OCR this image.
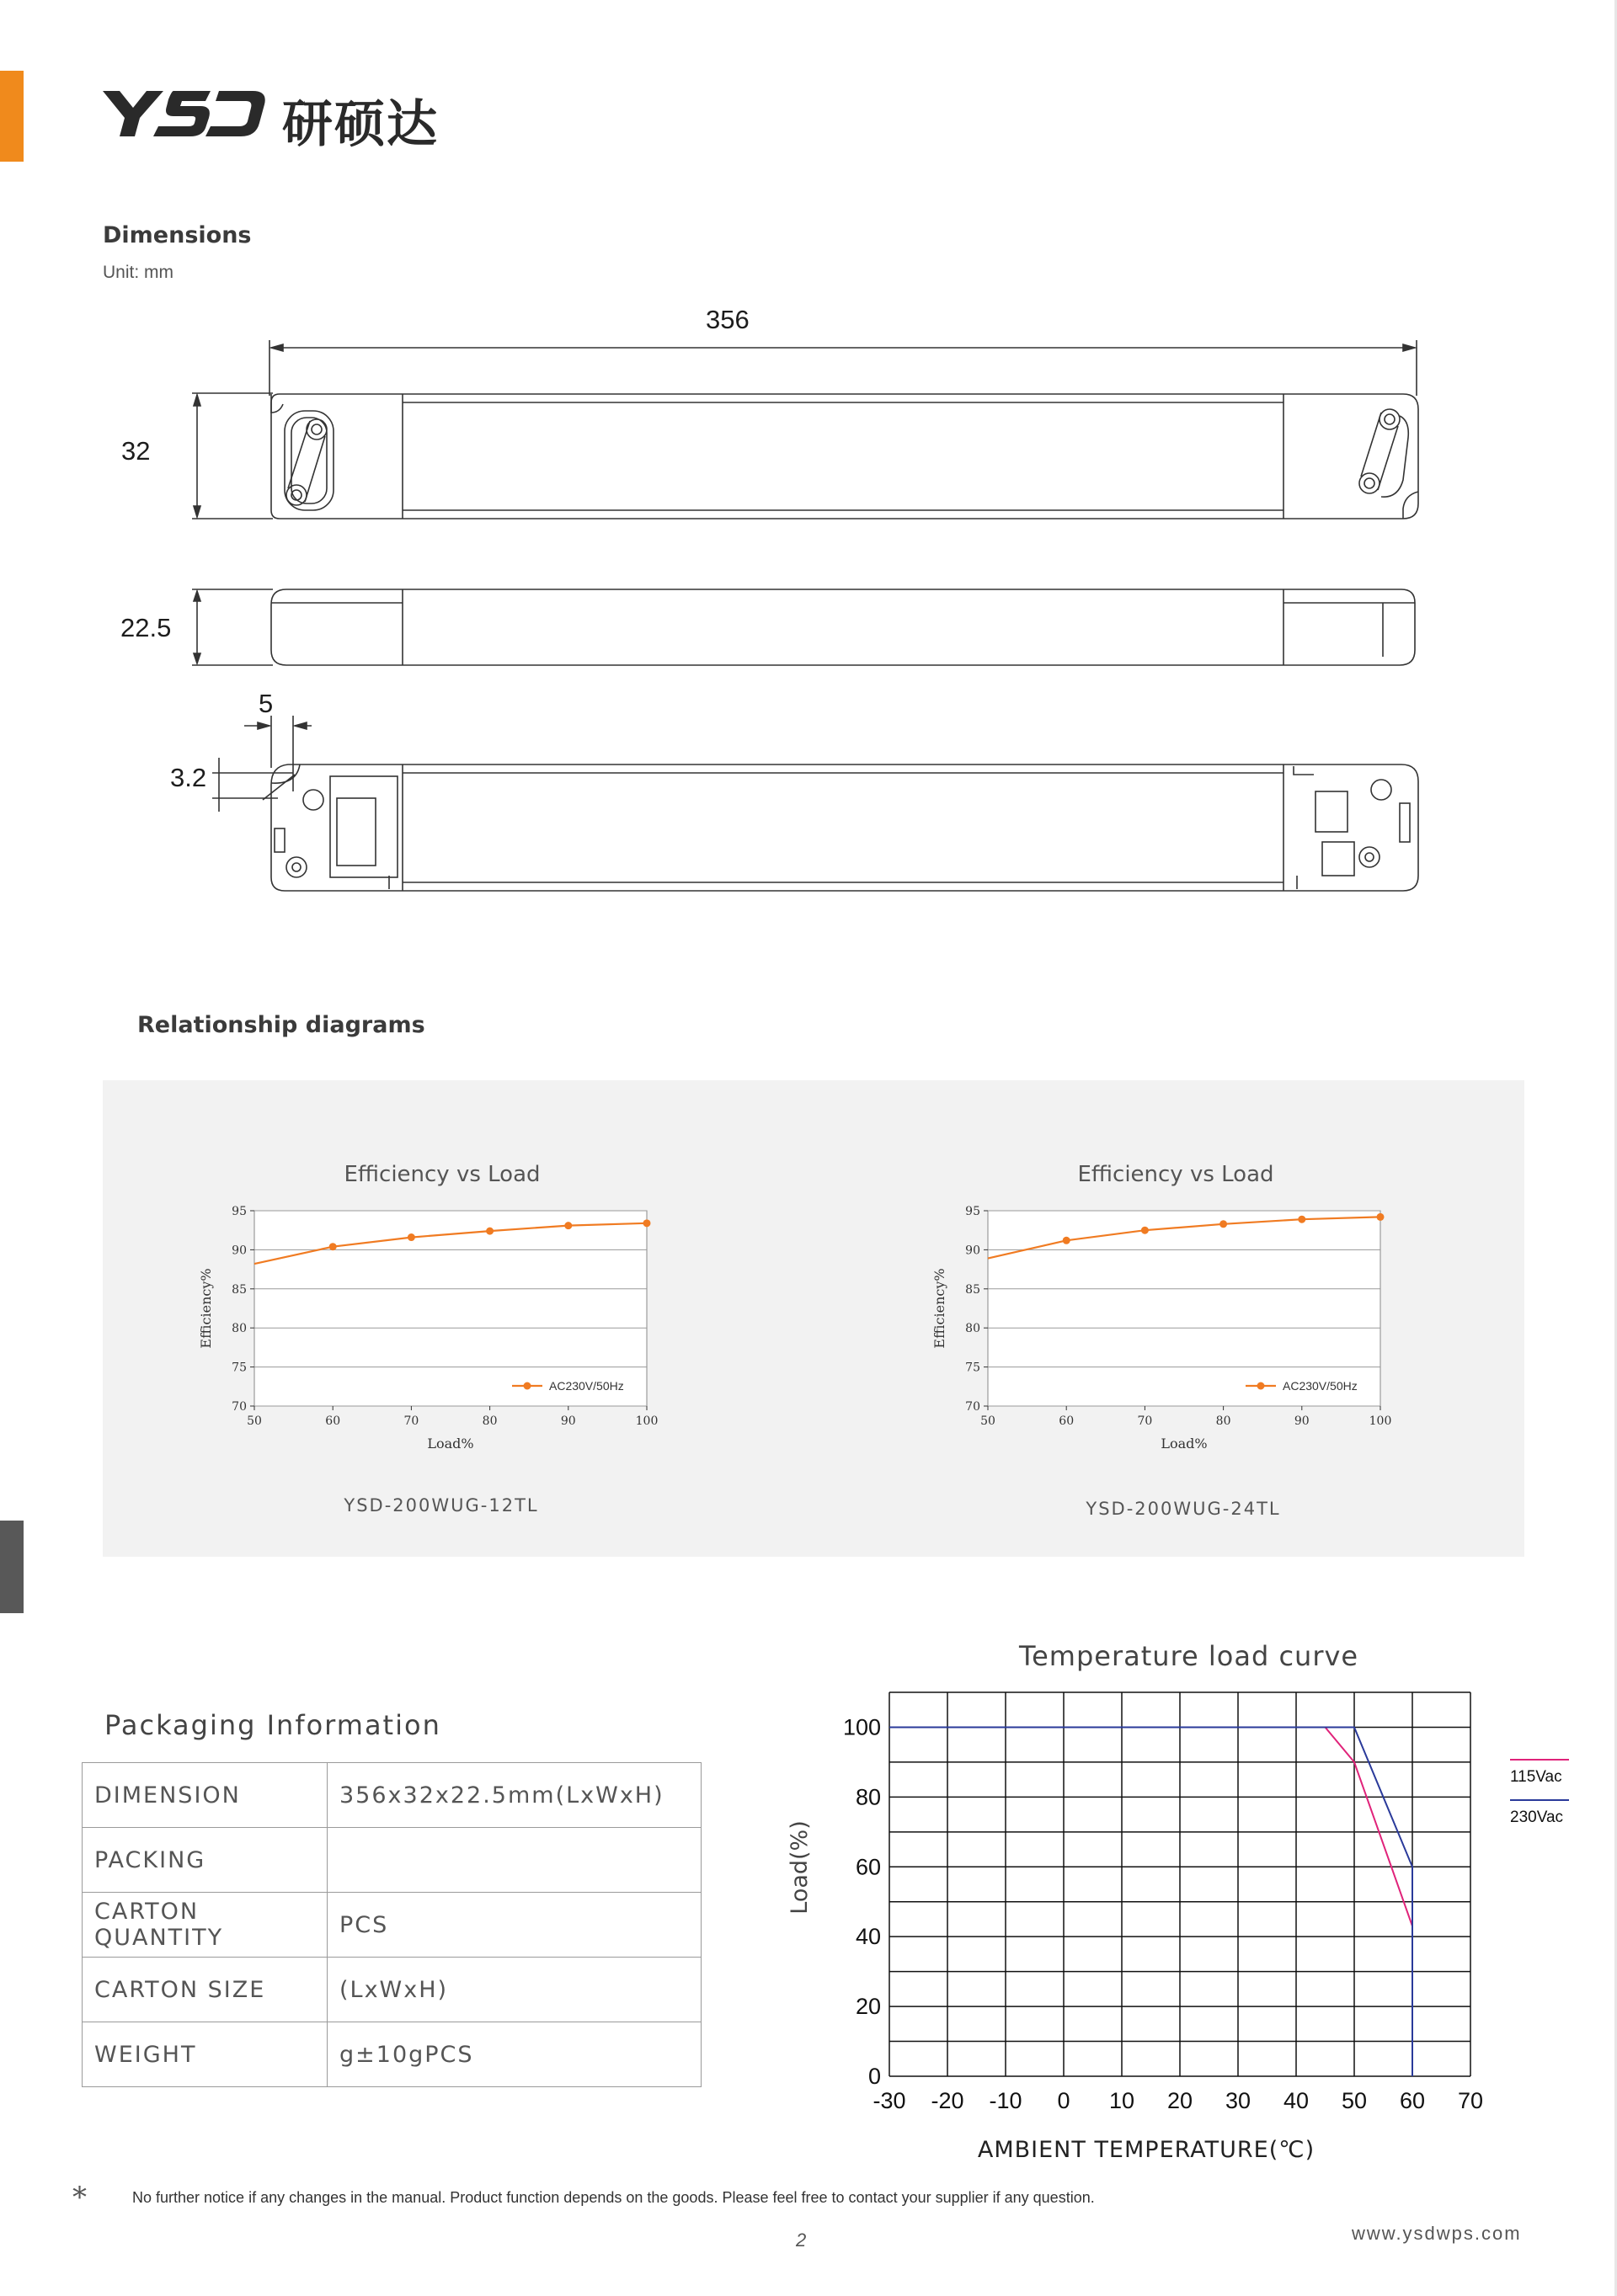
研硕达
Dimensions
Unit: mm
356
32
22.5
5
3.2
Relationship diagrams
Efficiency vs Load	Efficiency vs Load
70
75
80
85
90
95
50	60	70	80	90	100
Load%
Efficiency%
AC230V/50Hz
70
75
80
85
90
95
50	60	70	80	90	100
Load%
Efficiency%
AC230V/50Hz
YSD-200WUG-12TL	YSD-200WUG-24TL
Packaging Information
DIMENSION	356x32x22.5mm(LxWxH)
PACKING	
CARTON QUANTITY	PCS
CARTON SIZE	(LxWxH)
WEIGHT	g±10gPCS
Temperature load curve
-30 -20 -10 0 10 20 30 40 50 60 70
0
20
40
60
80
100
AMBIENT TEMPERATURE(℃)
Load(%)
115Vac
230Vac
*	No further notice if any changes in the manual. Product function depends on the goods. Please feel free to contact your supplier if any question.
2	www.ysdwps.com
